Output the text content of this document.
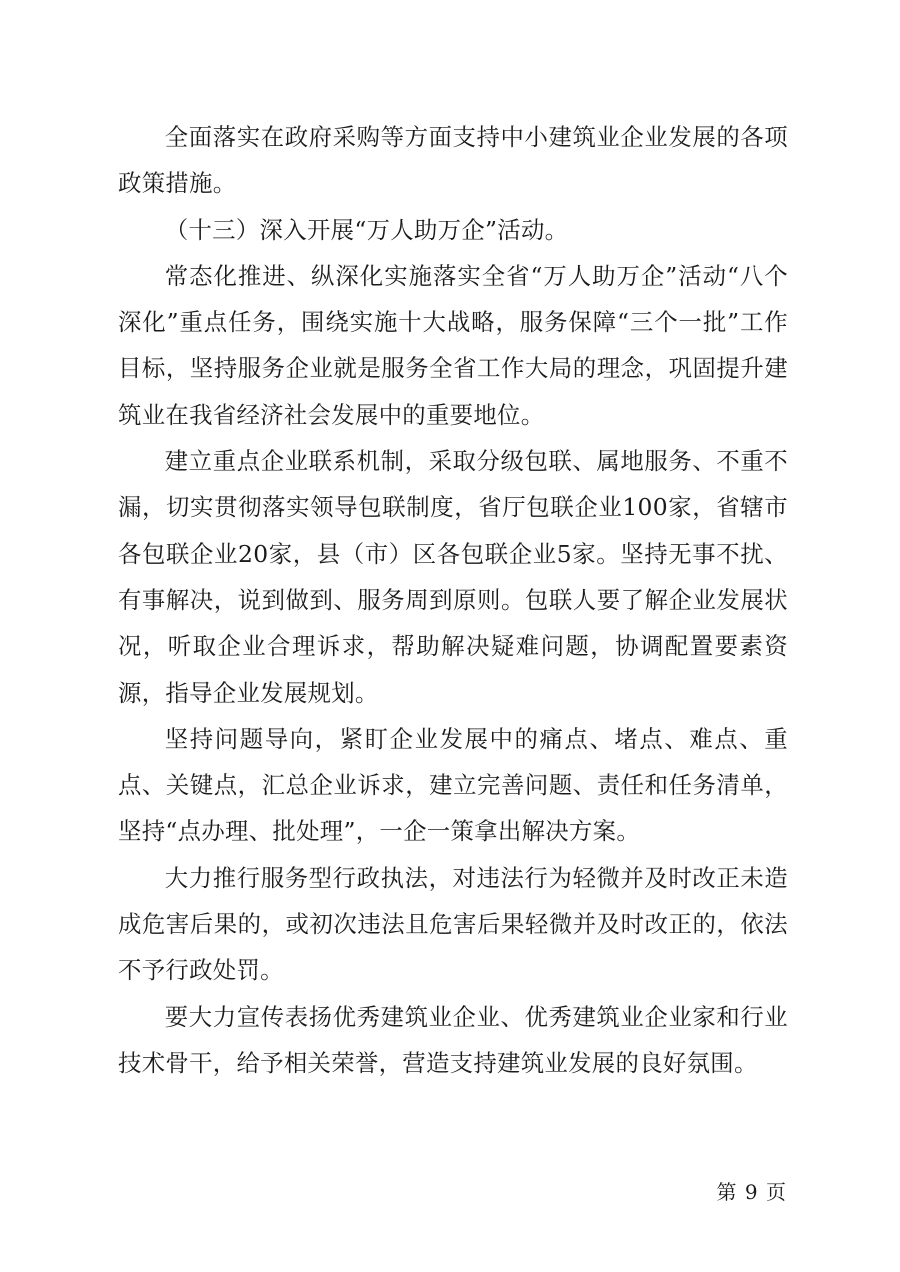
全面落实在政府采购等方面支持中小建筑业企业发展的各项政策措施。

（十三）深入开展“万人助万企”活动。

常态化推进、纵深化实施落实全省“万人助万企”活动“八个深化”重点任务，围绕实施十大战略，服务保障“三个一批”工作目标，坚持服务企业就是服务全省工作大局的理念，巩固提升建筑业在我省经济社会发展中的重要地位。

建立重点企业联系机制，采取分级包联、属地服务、不重不漏，切实贯彻落实领导包联制度，省厅包联企业100家，省辖市各包联企业20家，县（市）区各包联企业5家。坚持无事不扰、有事解决，说到做到、服务周到原则。包联人要了解企业发展状况，听取企业合理诉求，帮助解决疑难问题，协调配置要素资源，指导企业发展规划。

坚持问题导向，紧盯企业发展中的痛点、堵点、难点、重点、关键点，汇总企业诉求，建立完善问题、责任和任务清单，坚持“点办理、批处理”，一企一策拿出解决方案。

大力推行服务型行政执法，对违法行为轻微并及时改正未造成危害后果的，或初次违法且危害后果轻微并及时改正的，依法不予行政处罚。

要大力宣传表扬优秀建筑业企业、优秀建筑业企业家和行业技术骨干，给予相关荣誉，营造支持建筑业发展的良好氛围。

第 9 页
